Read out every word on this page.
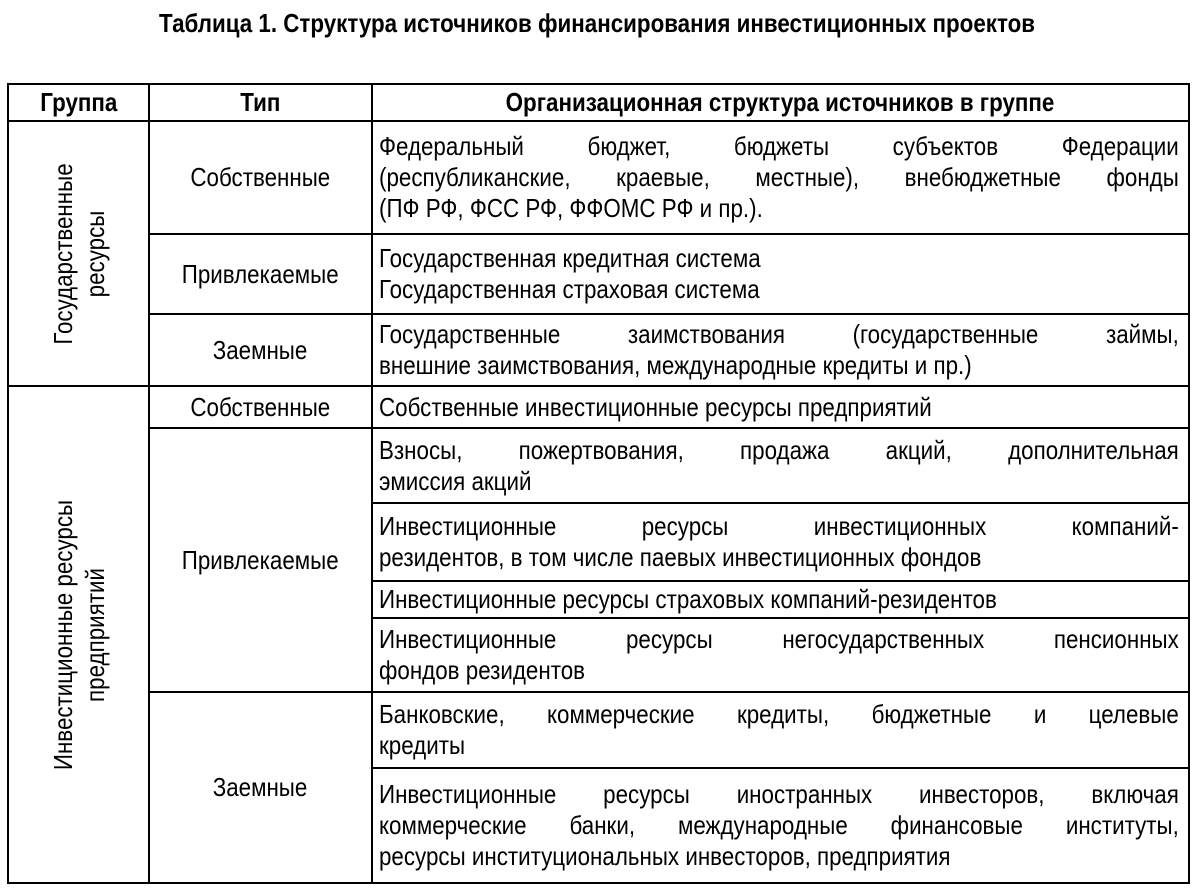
Таблица 1. Структура источников финансирования инвестиционных проектов
Группа	Тип	Организационная структура источников в группе

Государственные ресурсы	Собственные	Федеральный бюджет, бюджеты субъектов Федерации
(республиканские, краевые, местные), внебюджетные фонды
(ПФ РФ, ФСС РФ, ФФОМС РФ и пр.).

	Привлекаемые	Государственная кредитная система
Государственная страховая система

	Заемные	Государственные заимствования (государственные займы,
внешние заимствования, международные кредиты и пр.)

Инвестиционные ресурсы предприятий	Собственные	Собственные инвестиционные ресурсы предприятий

	Привлекаемые	Взносы, пожертвования, продажа акций, дополнительная
эмиссия акций

		Инвестиционные ресурсы инвестиционных компаний-
резидентов, в том числе паевых инвестиционных фондов

		Инвестиционные ресурсы страховых компаний-резидентов

		Инвестиционные ресурсы негосударственных пенсионных
фондов резидентов

	Заемные	Банковские, коммерческие кредиты, бюджетные и целевые
кредиты

		Инвестиционные ресурсы иностранных инвесторов, включая
коммерческие банки, международные финансовые институты,
ресурсы институциональных инвесторов, предприятия
